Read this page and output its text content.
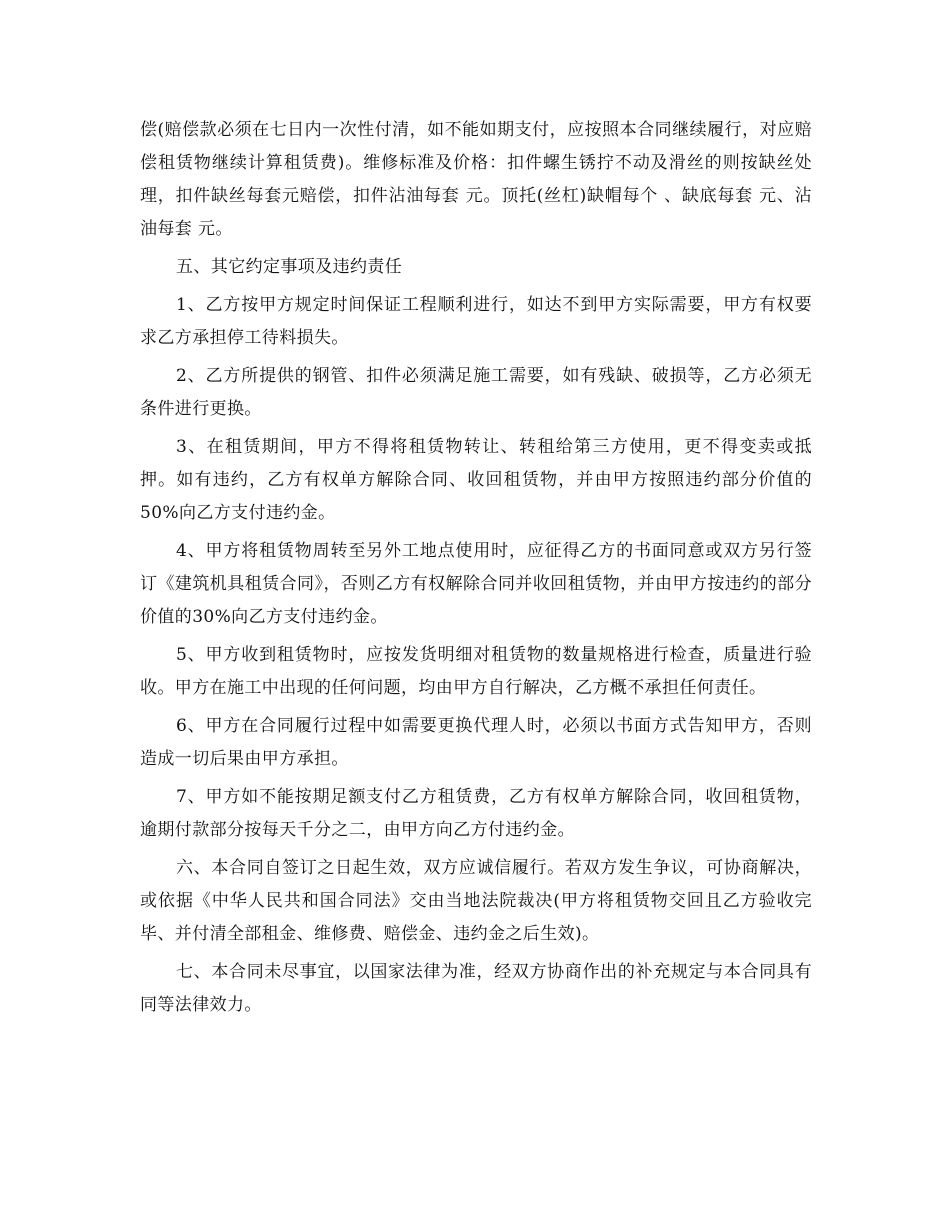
偿(赔偿款必须在七日内一次性付清，如不能如期支付，应按照本合同继续履行，对应赔偿租赁物继续计算租赁费)。维修标准及价格：扣件螺生锈拧不动及滑丝的则按缺丝处理，扣件缺丝每套元赔偿，扣件沾油每套 元。顶托(丝杠)缺帽每个 、缺底每套 元、沾油每套 元。

五、其它约定事项及违约责任

1、乙方按甲方规定时间保证工程顺利进行，如达不到甲方实际需要，甲方有权要求乙方承担停工待料损失。

2、乙方所提供的钢管、扣件必须满足施工需要，如有残缺、破损等，乙方必须无条件进行更换。

3、在租赁期间，甲方不得将租赁物转让、转租给第三方使用，更不得变卖或抵押。如有违约，乙方有权单方解除合同、收回租赁物，并由甲方按照违约部分价值的50%向乙方支付违约金。

4、甲方将租赁物周转至另外工地点使用时，应征得乙方的书面同意或双方另行签订《建筑机具租赁合同》，否则乙方有权解除合同并收回租赁物，并由甲方按违约的部分价值的30%向乙方支付违约金。

5、甲方收到租赁物时，应按发货明细对租赁物的数量规格进行检查，质量进行验收。甲方在施工中出现的任何问题，均由甲方自行解决，乙方概不承担任何责任。

6、甲方在合同履行过程中如需要更换代理人时，必须以书面方式告知甲方，否则造成一切后果由甲方承担。

7、甲方如不能按期足额支付乙方租赁费，乙方有权单方解除合同，收回租赁物，逾期付款部分按每天千分之二，由甲方向乙方付违约金。

六、本合同自签订之日起生效，双方应诚信履行。若双方发生争议，可协商解决，或依据《中华人民共和国合同法》交由当地法院裁决(甲方将租赁物交回且乙方验收完毕、并付清全部租金、维修费、赔偿金、违约金之后生效)。

七、本合同未尽事宜，以国家法律为准，经双方协商作出的补充规定与本合同具有同等法律效力。
